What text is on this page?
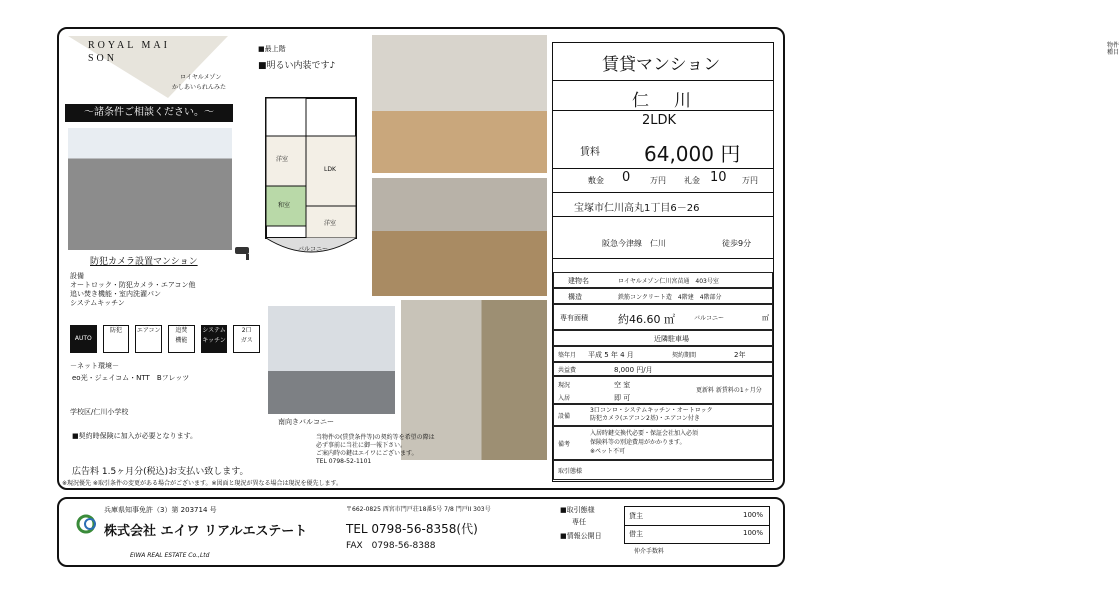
ROYAL MAI
SON
ロイヤルメゾン
かしあいられんみた
■最上階
■明るい内装です♪
～諸条件ご相談ください。～
防犯カメラ設置マンション
設備
オートロック・防犯カメラ・エアコン他
追い焚き機能・室内洗濯パン
システムキッチン
AUTO
防犯	エアコン	追焚
機能
システム
キッチン
2口
ガス
－ネット環境－
eo光・ジェイコム・NTT　Bフレッツ
学校区/仁川小学校
■契約時保険に加入が必要となります。
広告料 1.5ヶ月分(税込)お支払い致します。
※現況優先 ※取引条件の変更がある場合がございます。※図面と現況が異なる場合は現況を優先します。
洋室
和室
LDK
洋室
バルコニー
南向きバルコニー
当物件の(賃貸条件等)の契約等を希望の際は
必ず事前に当社に御一報下さい。
ご案内時の鍵はエイワにございます。
TEL 0798-52-1101
物件種目
賃貸マンション
仁　川
2LDK
賃料 64,000 円
敷金 0 万円 礼金 10 万円
宝塚市仁川高丸1丁目6－26
阪急今津線　仁川	徒歩9分
建物名	ロイヤルメゾン仁川宮苗通　403号室
構造	鉄筋コンクリート造　4階建　4階部分
専有面積	約46.60 ㎡	バルコニー	㎡
近隣駐車場
築年月 平成 5 年 4 月	契約期間	2年
共益費	8,000 円/月
現況	空 室
入居	即 可
更新料 新賃料の1ヶ月分
設備
3口コンロ・システムキッチン・オートロック
防犯カメラ(エアコン2基)・エアコン付き
備考
入居時鍵交換代必要・保証会社加入必須
保険料等の別途費用がかかります。
※ペット不可
取引態様
兵庫県知事免許（3）第 203714 号
株式会社 エイワ リアルエステート
EIWA REAL ESTATE Co.,Ltd
〒662-0825 西宮市門戸荘18番5号 7/8 門戸II 303号
TEL 0798-56-8358(代)
FAX　0798-56-8388
■取引態様
専任
■情報公開日
貸主	100%
借主	100%
仲介手数料
